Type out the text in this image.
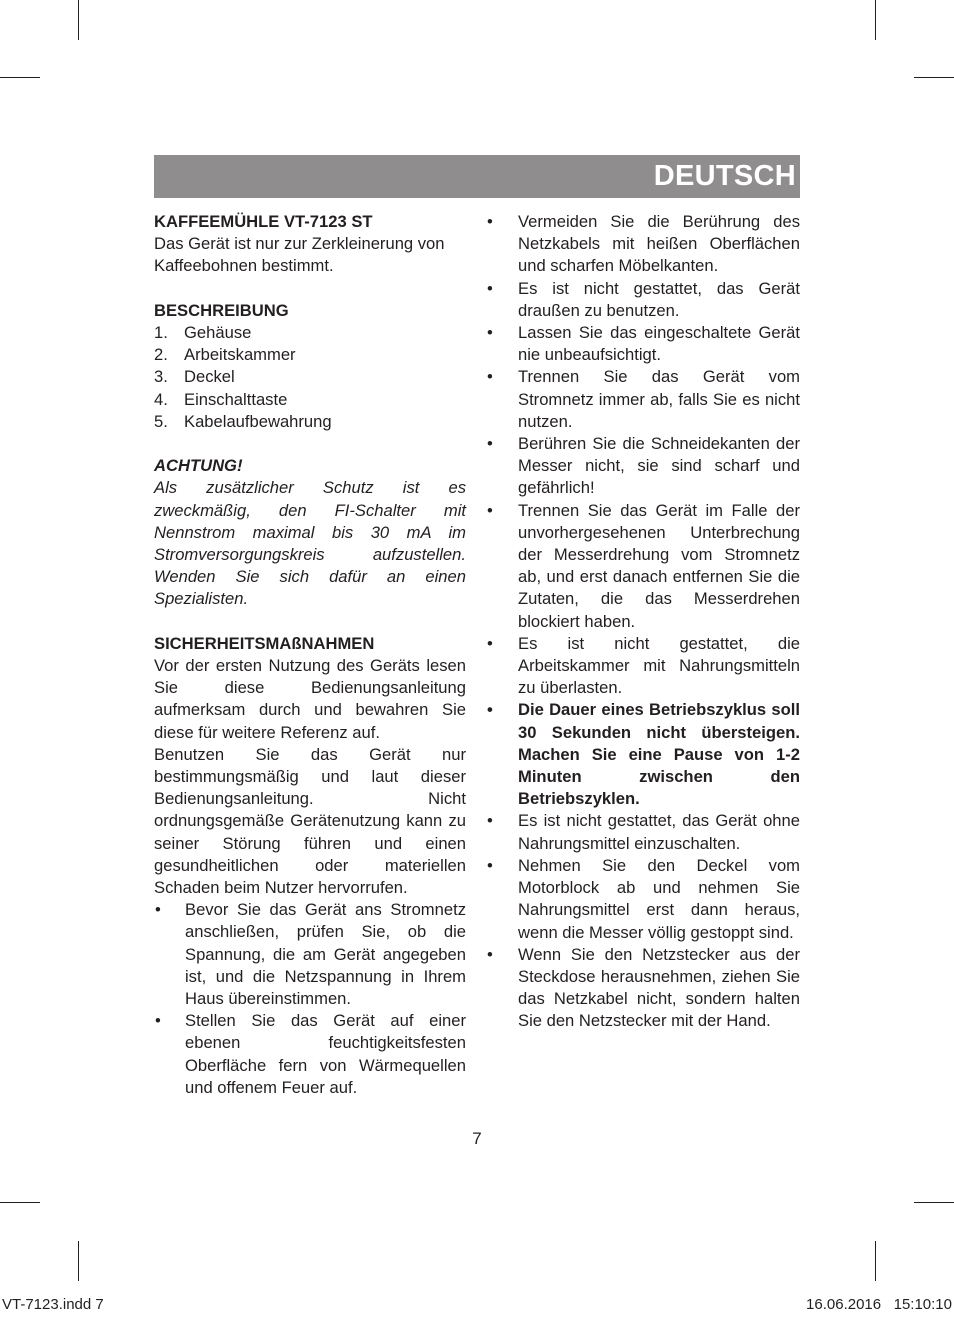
DEUTSCH
KAFFEEMÜHLE VT-7123 ST
Das Gerät ist nur zur Zerkleinerung von Kaffeebohnen bestimmt.
BESCHREIBUNG
1. Gehäuse
2. Arbeitskammer
3. Deckel
4. Einschalttaste
5. Kabelaufbewahrung
ACHTUNG!
Als zusätzlicher Schutz ist es zweckmäßig, den FI-Schalter mit Nennstrom maximal bis 30 mA im Stromversorgungskreis aufzustellen. Wenden Sie sich dafür an einen Spezialisten.
SICHERHEITSMAßNAHMEN
Vor der ersten Nutzung des Geräts lesen Sie diese Bedienungsanleitung aufmerksam durch und bewahren Sie diese für weitere Referenz auf.
Benutzen Sie das Gerät nur bestimmungsmäßig und laut dieser Bedienungsanleitung. Nicht ordnungsgemäße Gerätenutzung kann zu seiner Störung führen und einen gesundheitlichen oder materiellen Schaden beim Nutzer hervorrufen.
•	Bevor Sie das Gerät ans Stromnetz anschließen, prüfen Sie, ob die Spannung, die am Gerät angegeben ist, und die Netzspannung in Ihrem Haus übereinstimmen.
•	Stellen Sie das Gerät auf einer ebenen feuchtigkeitsfesten Oberfläche fern von Wärmequellen und offenem Feuer auf.
•	Vermeiden Sie die Berührung des Netzkabels mit heißen Oberflächen und scharfen Möbelkanten.
•	Es ist nicht gestattet, das Gerät draußen zu benutzen.
•	Lassen Sie das eingeschaltete Gerät nie unbeaufsichtigt.
•	Trennen Sie das Gerät vom Stromnetz immer ab, falls Sie es nicht nutzen.
•	Berühren Sie die Schneidekanten der Messer nicht, sie sind scharf und gefährlich!
•	Trennen Sie das Gerät im Falle der unvorhergesehenen Unterbrechung der Messerdrehung vom Stromnetz ab, und erst danach entfernen Sie die Zutaten, die das Messerdrehen blockiert haben.
•	Es ist nicht gestattet, die Arbeitskammer mit Nahrungsmitteln zu überlasten.
•	Die Dauer eines Betriebszyklus soll 30 Sekunden nicht übersteigen. Machen Sie eine Pause von 1-2 Minuten zwischen den Betriebszyklen.
•	Es ist nicht gestattet, das Gerät ohne Nahrungsmittel einzuschalten.
•	Nehmen Sie den Deckel vom Motorblock ab und nehmen Sie Nahrungsmittel erst dann heraus, wenn die Messer völlig gestoppt sind.
•	Wenn Sie den Netzstecker aus der Steckdose herausnehmen, ziehen Sie das Netzkabel nicht, sondern halten Sie den Netzstecker mit der Hand.
7
VT-7123.indd 7	16.06.2016   15:10:10
